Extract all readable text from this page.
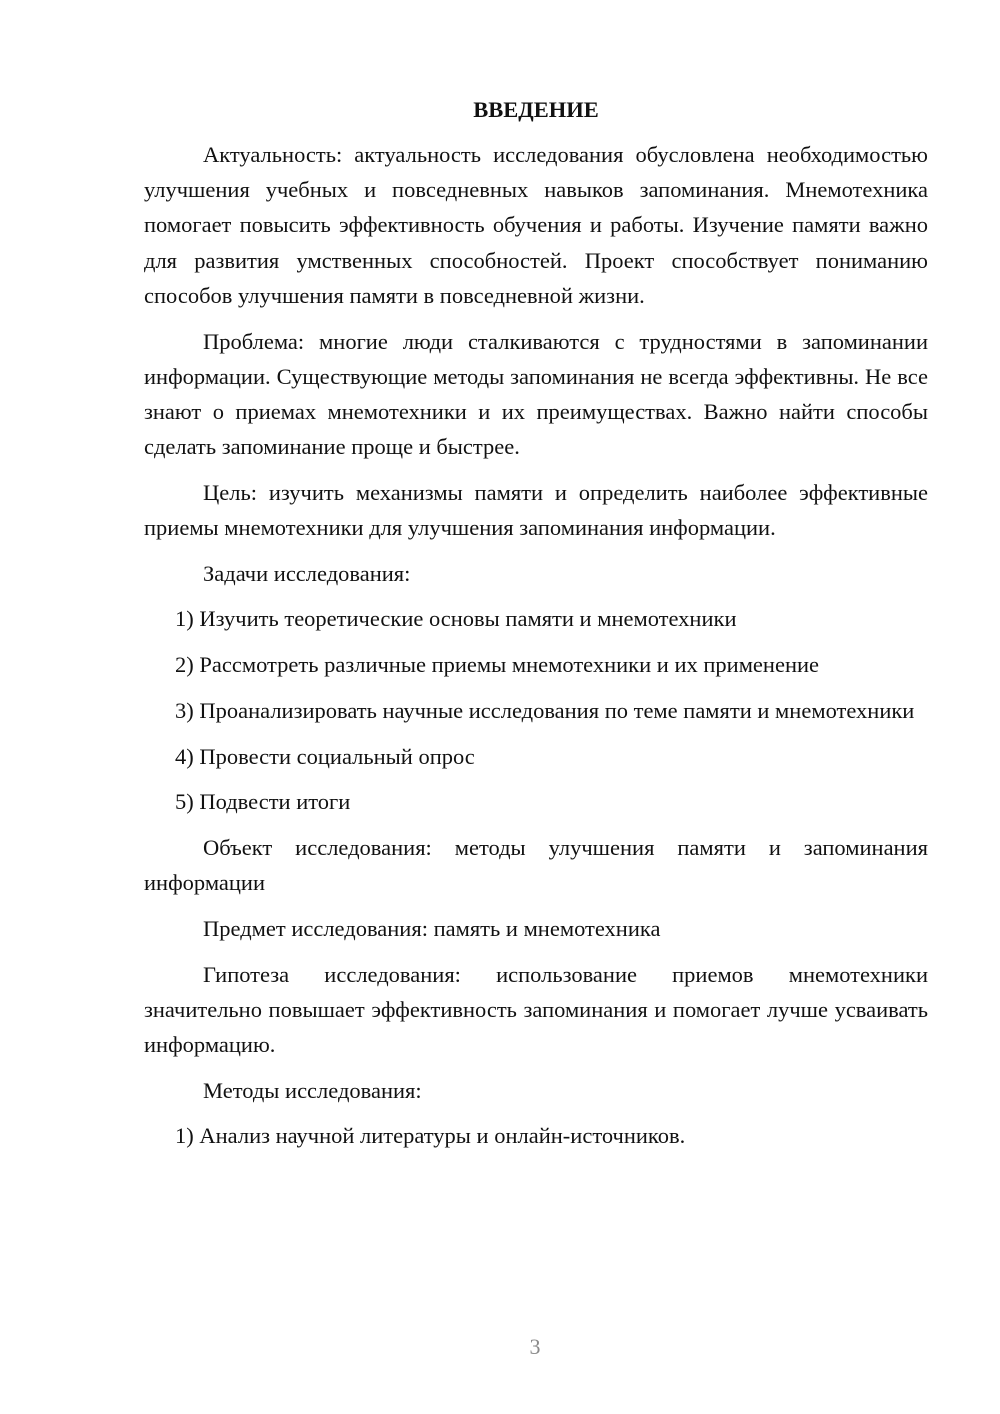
ВВЕДЕНИЕ

Актуальность: актуальность исследования обусловлена необходимостью улучшения учебных и повседневных навыков запоминания. Мнемотехника помогает повысить эффективность обучения и работы. Изучение памяти важно для развития умственных способностей. Проект способствует пониманию способов улучшения памяти в повседневной жизни.

Проблема: многие люди сталкиваются с трудностями в запоминании информации. Существующие методы запоминания не всегда эффективны. Не все знают о приемах мнемотехники и их преимуществах. Важно найти способы сделать запоминание проще и быстрее.

Цель: изучить механизмы памяти и определить наиболее эффективные приемы мнемотехники для улучшения запоминания информации.

Задачи исследования:

1) Изучить теоретические основы памяти и мнемотехники

2) Рассмотреть различные приемы мнемотехники и их применение

3) Проанализировать научные исследования по теме памяти и мнемотехники

4) Провести социальный опрос

5) Подвести итоги

Объект исследования: методы улучшения памяти и запоминания информации

Предмет исследования: память и мнемотехника

Гипотеза исследования: использование приемов мнемотехники значительно повышает эффективность запоминания и помогает лучше усваивать информацию.

Методы исследования:

1) Анализ научной литературы и онлайн-источников.

3
